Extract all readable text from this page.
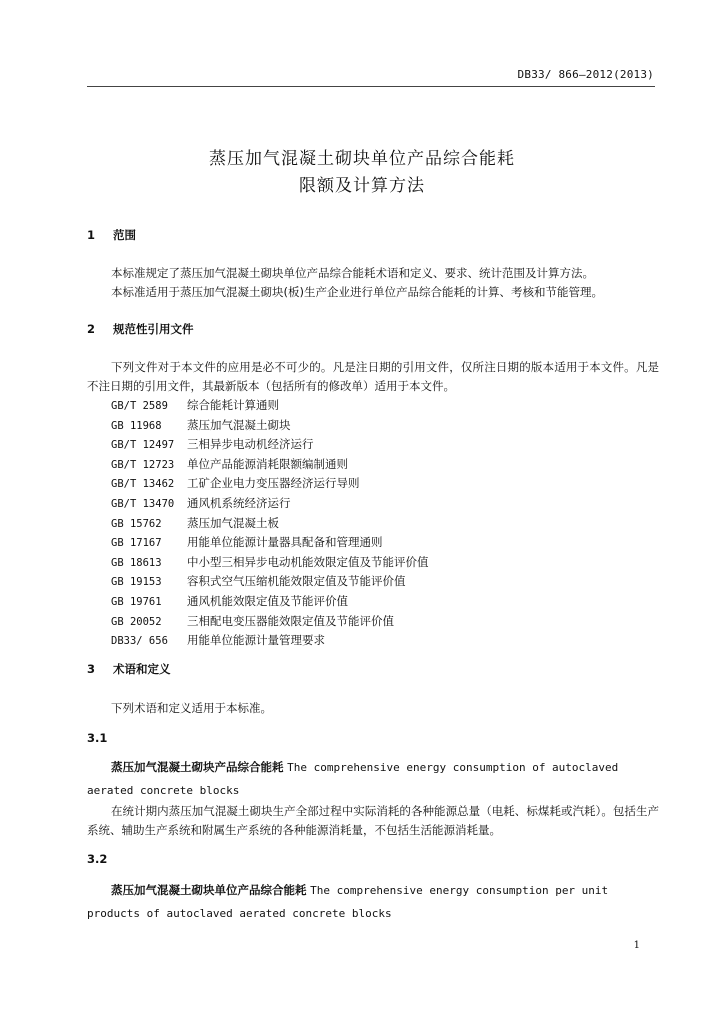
DB33/ 866—2012(2013)
蒸压加气混凝土砌块单位产品综合能耗
限额及计算方法
1 范围

本标准规定了蒸压加气混凝土砌块单位产品综合能耗术语和定义、要求、统计范围及计算方法。

本标准适用于蒸压加气混凝土砌块(板)生产企业进行单位产品综合能耗的计算、考核和节能管理。

2 规范性引用文件

下列文件对于本文件的应用是必不可少的。凡是注日期的引用文件，仅所注日期的版本适用于本文件。凡是不注日期的引用文件，其最新版本（包括所有的修改单）适用于本文件。

GB/T 2589 综合能耗计算通则
GB 11968 蒸压加气混凝土砌块
GB/T 12497 三相异步电动机经济运行
GB/T 12723 单位产品能源消耗限额编制通则
GB/T 13462 工矿企业电力变压器经济运行导则
GB/T 13470 通风机系统经济运行
GB 15762 蒸压加气混凝土板
GB 17167 用能单位能源计量器具配备和管理通则
GB 18613 中小型三相异步电动机能效限定值及节能评价值
GB 19153 容积式空气压缩机能效限定值及节能评价值
GB 19761 通风机能效限定值及节能评价值
GB 20052 三相配电变压器能效限定值及节能评价值
DB33/ 656 用能单位能源计量管理要求
3 术语和定义

下列术语和定义适用于本标准。

3.1

蒸压加气混凝土砌块产品综合能耗 The comprehensive energy consumption of autoclaved aerated concrete blocks

在统计期内蒸压加气混凝土砌块生产全部过程中实际消耗的各种能源总量（电耗、标煤耗或汽耗）。包括生产系统、辅助生产系统和附属生产系统的各种能源消耗量，不包括生活能源消耗量。

3.2

蒸压加气混凝土砌块单位产品综合能耗 The comprehensive energy consumption per unit products of autoclaved aerated concrete blocks

1
